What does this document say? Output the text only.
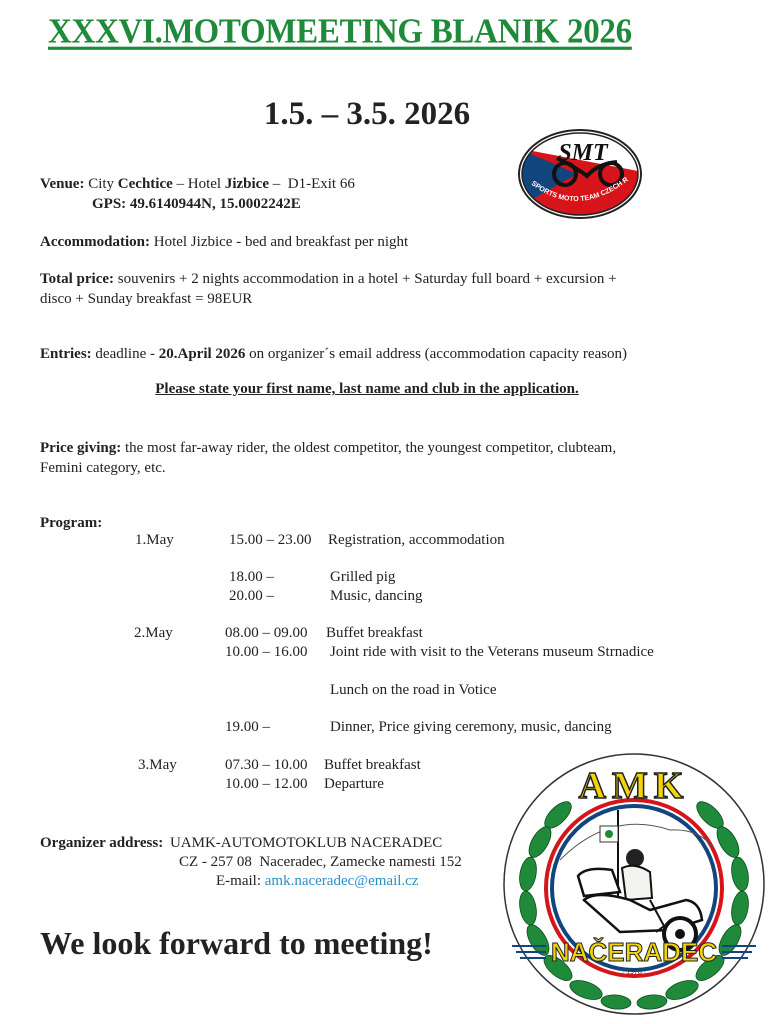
XXXVI.MOTOMEETING BLANIK 2026
1.5. – 3.5. 2026
SMT
SPORTS MOTO TEAM CZECH R
Venue: City Cechtice – Hotel Jizbice –  D1-Exit 66
GPS: 49.6140944N, 15.0002242E
Accommodation: Hotel Jizbice - bed and breakfast per night
Total price: souvenirs + 2 nights accommodation in a hotel + Saturday full board + excursion +
disco + Sunday breakfast = 98EUR
Entries: deadline - 20.April 2026 on organizer´s email address (accommodation capacity reason)
Please state your first name, last name and club in the application.
Price giving: the most far-away rider, the oldest competitor, the youngest competitor, clubteam,
Femini category, etc.
Program:
1.May	15.00 – 23.00 Registration, accommodation
18.00 –	Grilled pig
20.00 –	Music, dancing
2.May	08.00 – 09.00 Buffet breakfast
10.00 – 16.00 Joint ride with visit to the Veterans museum Strnadice
Lunch on the road in Votice
19.00 –	Dinner, Price giving ceremony, music, dancing
3.May	07.30 – 10.00 Buffet breakfast
10.00 – 12.00 Departure
Organizer address: UAMK-AUTOMOTOKLUB NACERADEC
CZ - 257 08  Naceradec, Zamecke namesti 152
E-mail: amk.naceradec@email.cz
We look forward to meeting!
AMK
NAČERADEC
· 1978 ·
